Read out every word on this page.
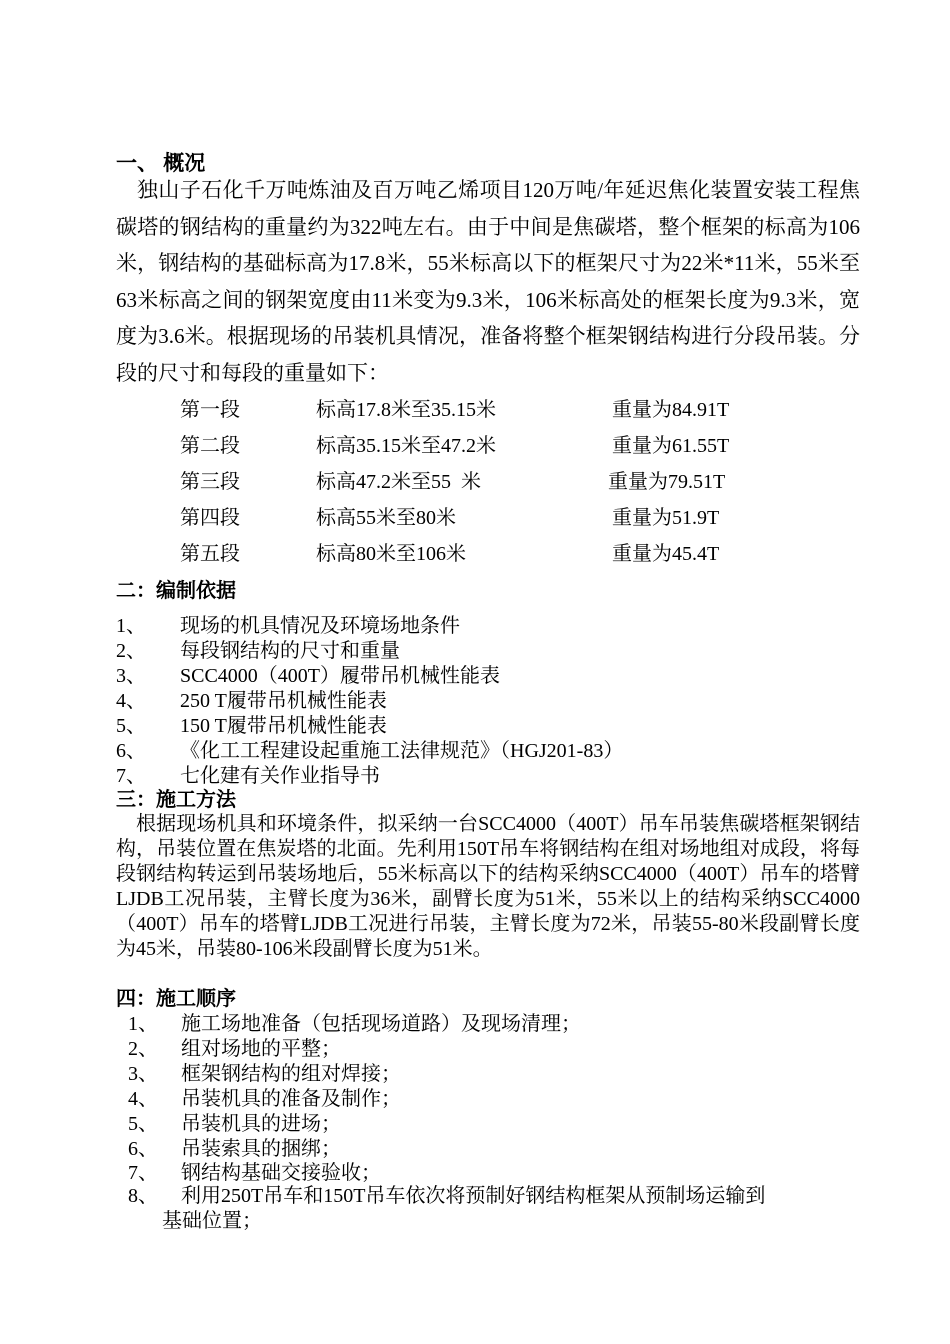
一、 概况
独山子石化千万吨炼油及百万吨乙烯项目120万吨/年延迟焦化装置安装工程焦碳塔的钢结构的重量约为322吨左右。由于中间是焦碳塔，整个框架的标高为106米，钢结构的基础标高为17.8米，55米标高以下的框架尺寸为22米*11米，55米至63米标高之间的钢架宽度由11米变为9.3米，106米标高处的框架长度为9.3米，宽度为3.6米。根据现场的吊装机具情况，准备将整个框架钢结构进行分段吊装。分段的尺寸和每段的重量如下：
第一段	标高17.8米至35.15米	重量为84.91T
第二段	标高35.15米至47.2米	重量为61.55T
第三段	标高47.2米至55  米	重量为79.51T
第四段	标高55米至80米	重量为51.9T
第五段	标高80米至106米	重量为45.4T
二：编制依据
1、 现场的机具情况及环境场地条件
2、 每段钢结构的尺寸和重量
3、 SCC4000（400T）履带吊机械性能表
4、 250 T履带吊机械性能表
5、 150 T履带吊机械性能表
6、 《化工工程建设起重施工法律规范》（HGJ201-83）
7、 七化建有关作业指导书
三：施工方法
根据现场机具和环境条件，拟采纳一台SCC4000（400T）吊车吊装焦碳塔框架钢结构，吊装位置在焦炭塔的北面。先利用150T吊车将钢结构在组对场地组对成段，将每段钢结构转运到吊装场地后，55米标高以下的结构采纳SCC4000（400T）吊车的塔臂LJDB工况吊装，主臂长度为36米，副臂长度为51米，55米以上的结构采纳SCC4000（400T）吊车的塔臂LJDB工况进行吊装，主臂长度为72米，吊装55-80米段副臂长度为45米，吊装80-106米段副臂长度为51米。
四：施工顺序
1、 施工场地准备（包括现场道路）及现场清理；
2、 组对场地的平整；
3、 框架钢结构的组对焊接；
4、 吊装机具的准备及制作；
5、 吊装机具的进场；
6、 吊装索具的捆绑；
7、 钢结构基础交接验收；
8、 利用250T吊车和150T吊车依次将预制好钢结构框架从预制场运输到
基础位置；
